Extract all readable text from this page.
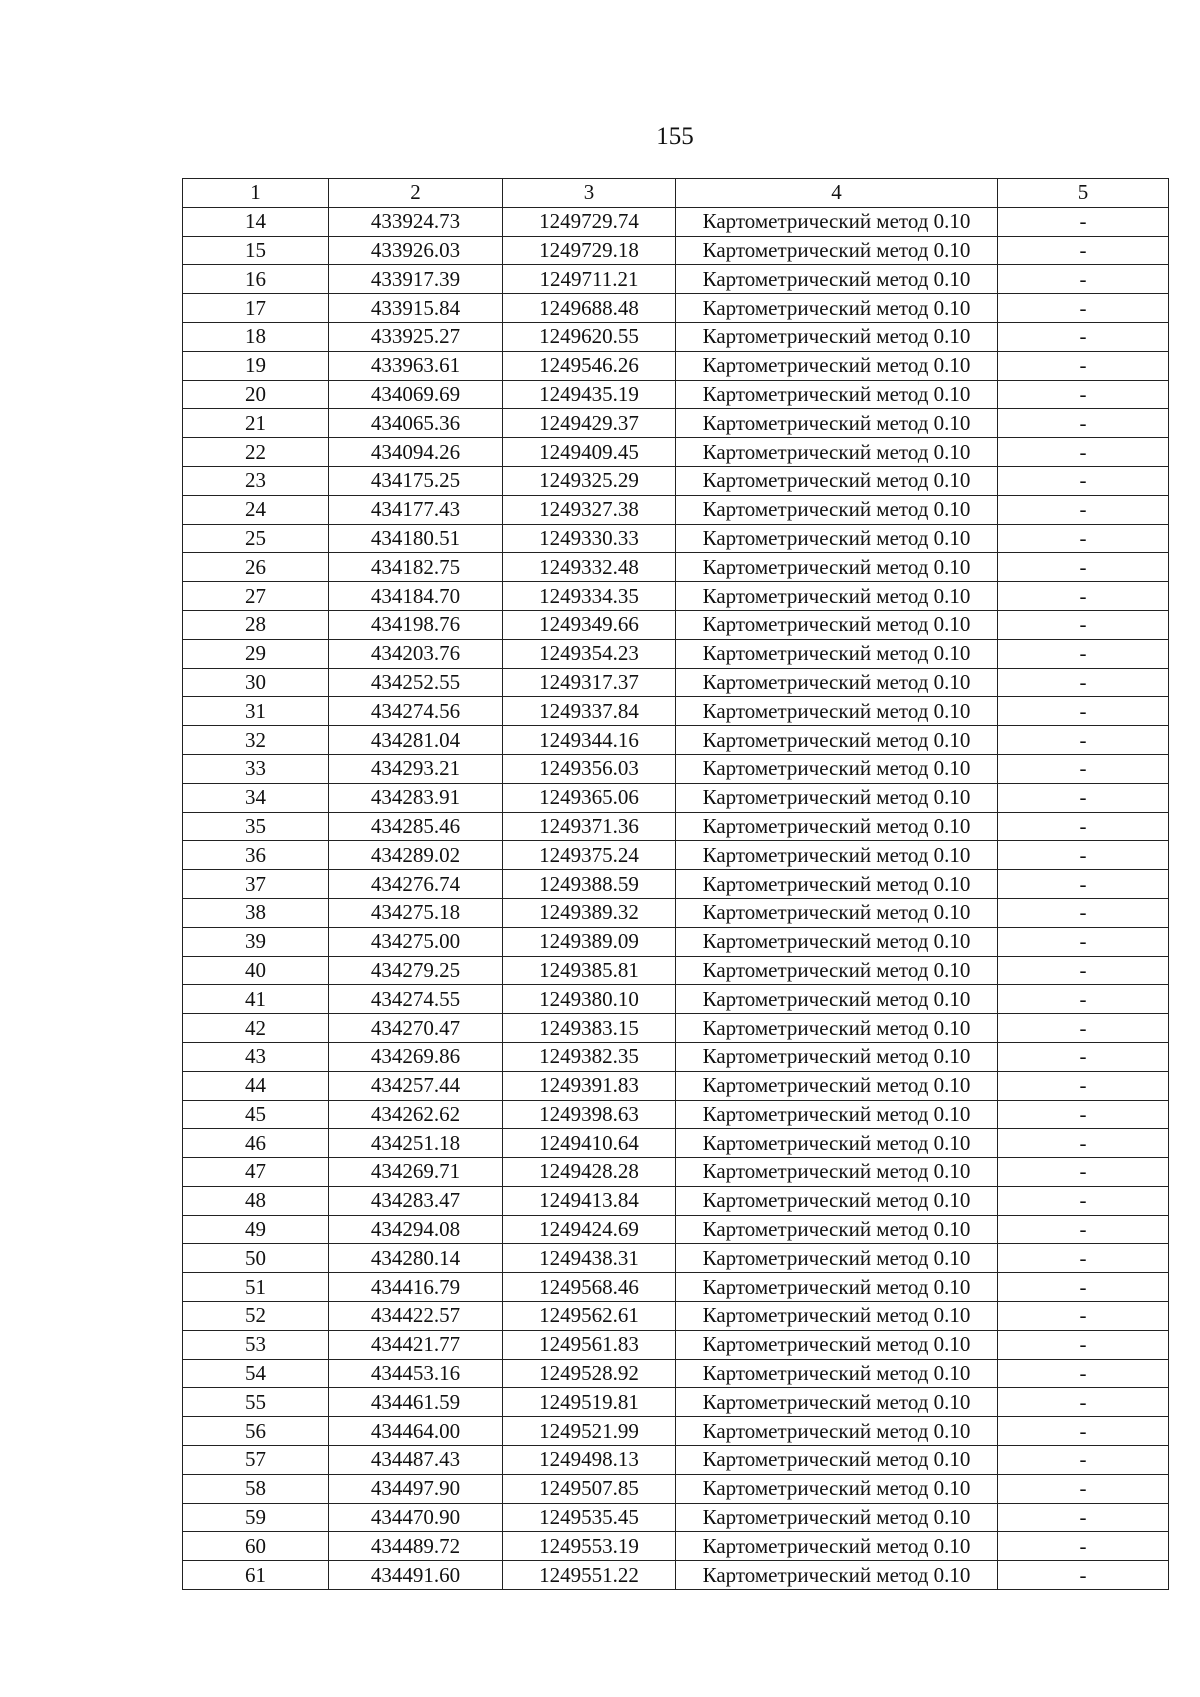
155
1	2	3	4	5
14	433924.73	1249729.74	Картометрический метод 0.10	-
15	433926.03	1249729.18	Картометрический метод 0.10	-
16	433917.39	1249711.21	Картометрический метод 0.10	-
17	433915.84	1249688.48	Картометрический метод 0.10	-
18	433925.27	1249620.55	Картометрический метод 0.10	-
19	433963.61	1249546.26	Картометрический метод 0.10	-
20	434069.69	1249435.19	Картометрический метод 0.10	-
21	434065.36	1249429.37	Картометрический метод 0.10	-
22	434094.26	1249409.45	Картометрический метод 0.10	-
23	434175.25	1249325.29	Картометрический метод 0.10	-
24	434177.43	1249327.38	Картометрический метод 0.10	-
25	434180.51	1249330.33	Картометрический метод 0.10	-
26	434182.75	1249332.48	Картометрический метод 0.10	-
27	434184.70	1249334.35	Картометрический метод 0.10	-
28	434198.76	1249349.66	Картометрический метод 0.10	-
29	434203.76	1249354.23	Картометрический метод 0.10	-
30	434252.55	1249317.37	Картометрический метод 0.10	-
31	434274.56	1249337.84	Картометрический метод 0.10	-
32	434281.04	1249344.16	Картометрический метод 0.10	-
33	434293.21	1249356.03	Картометрический метод 0.10	-
34	434283.91	1249365.06	Картометрический метод 0.10	-
35	434285.46	1249371.36	Картометрический метод 0.10	-
36	434289.02	1249375.24	Картометрический метод 0.10	-
37	434276.74	1249388.59	Картометрический метод 0.10	-
38	434275.18	1249389.32	Картометрический метод 0.10	-
39	434275.00	1249389.09	Картометрический метод 0.10	-
40	434279.25	1249385.81	Картометрический метод 0.10	-
41	434274.55	1249380.10	Картометрический метод 0.10	-
42	434270.47	1249383.15	Картометрический метод 0.10	-
43	434269.86	1249382.35	Картометрический метод 0.10	-
44	434257.44	1249391.83	Картометрический метод 0.10	-
45	434262.62	1249398.63	Картометрический метод 0.10	-
46	434251.18	1249410.64	Картометрический метод 0.10	-
47	434269.71	1249428.28	Картометрический метод 0.10	-
48	434283.47	1249413.84	Картометрический метод 0.10	-
49	434294.08	1249424.69	Картометрический метод 0.10	-
50	434280.14	1249438.31	Картометрический метод 0.10	-
51	434416.79	1249568.46	Картометрический метод 0.10	-
52	434422.57	1249562.61	Картометрический метод 0.10	-
53	434421.77	1249561.83	Картометрический метод 0.10	-
54	434453.16	1249528.92	Картометрический метод 0.10	-
55	434461.59	1249519.81	Картометрический метод 0.10	-
56	434464.00	1249521.99	Картометрический метод 0.10	-
57	434487.43	1249498.13	Картометрический метод 0.10	-
58	434497.90	1249507.85	Картометрический метод 0.10	-
59	434470.90	1249535.45	Картометрический метод 0.10	-
60	434489.72	1249553.19	Картометрический метод 0.10	-
61	434491.60	1249551.22	Картометрический метод 0.10	-
